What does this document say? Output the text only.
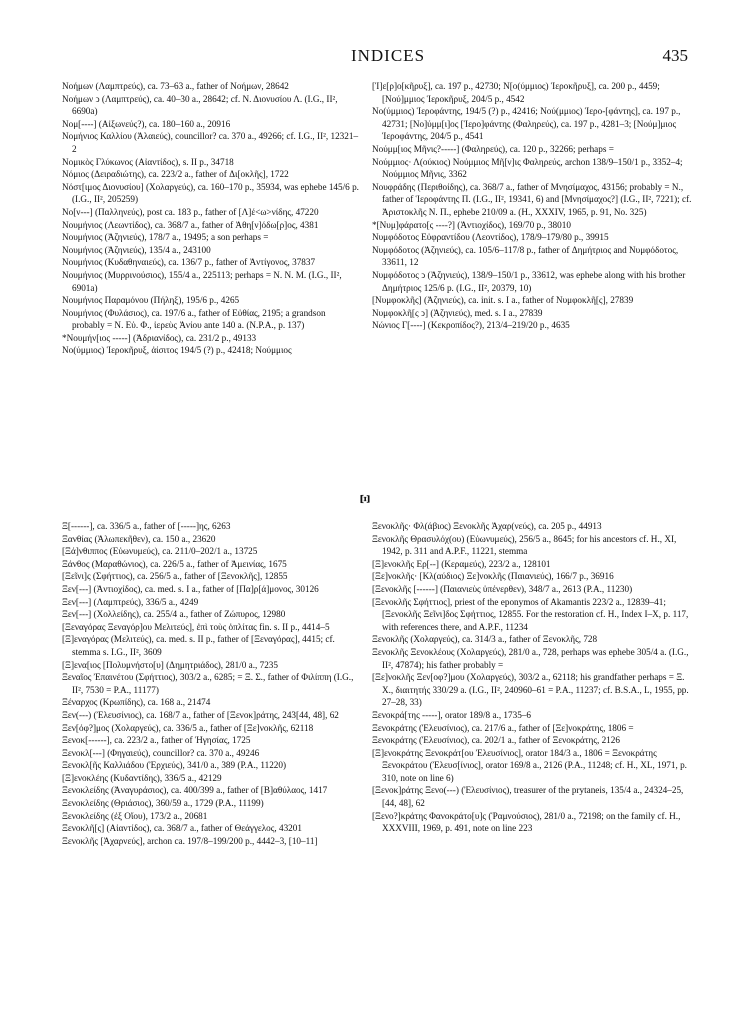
INDICES	435

Νοήμων (Λαμπτρεύς), ca. 73–63 a., father of Νοήμων, 28642

Νοήμων ↄ (Λαμπτρεύς), ca. 40–30 a., 28642; cf. Ν. Διονυσίου Λ. (I.G., II², 6690a)

Νομ[----] (Αἰξωνεύς?), ca. 180–160 a., 20916

Νομήνιος Καλλίου (Ἁλαιεύς), councillor? ca. 370 a., 49266; cf. I.G., II², 12321–2

Νομικὸς Γλύκωνος (Αἰαντίδος), s. II p., 34718

Νόμιος (Δειραδιώτης), ca. 223/2 a., father of Δι[οκλῆς], 1722

Νόστ[ιμος Διονυσίου] (Χολαργεύς), ca. 160–170 p., 35934, was ephebe 145/6 p. (I.G., II², 205259)

Νο[ν---] (Παλληνεύς), post ca. 183 p., father of [Λ]έ<ω>νίδης, 47220

Νουμήνιος (Λεωντίδος), ca. 368/7 a., father of Ἀθη[ν]όδω[ρ]ος, 4381

Νουμήνιος (Ἀζηνιεύς), 178/7 a., 19495; a son perhaps =

Νουμήνιος (Ἀζηνιεύς), 135/4 a., 243100

Νουμήνιος (Κυδαθηναιεύς), ca. 136/7 p., father of Ἀντίγονος, 37837

Νουμήνιος (Μυρρινούσιος), 155/4 a., 225113; perhaps = Ν. Ν. Μ. (I.G., II², 6901a)

Νουμήνιος Παραμόνου (Πήληξ), 195/6 p., 4265

Νουμήνιος (Φυλάσιος), ca. 197/6 a., father of Εὐθίας, 2195; a grandson probably = Ν. Εὐ. Φ., ἱερεὺς Ἀνίου ante 140 a. (N.P.A., p. 137)

*Νουμήν[ιος -----] (Ἀδριανίδος), ca. 231/2 p., 49133

Νο(ύμμιος) Ἱεροκῆρυξ, ἀίσιτος 194/5 (?) p., 42418; Νούμμιος

[Ἱ]ε[ρ]ο[κῆρυξ], ca. 197 p., 42730; Ν[ο(ύμμιος) Ἱεροκῆρυξ], ca. 200 p., 4459; [Νού]μμιος Ἱεροκῆρυξ, 204/5 p., 4542

Νο(ύμμιος) Ἱεροφάντης, 194/5 (?) p., 42416; Νού(μμιος) Ἱερο-[φάντης], ca. 197 p., 42731; [Νο]ύμμ[ι]ος [Ἱερο]φάντης (Φαληρεύς), ca. 197 p., 4281–3; [Νούμ]μιος Ἱεροφάντης, 204/5 p., 4541

Νούμμ[ιος Μῆνις?-----] (Φαληρεύς), ca. 120 p., 32266; perhaps =

Νούμμιος· Λ(ούκιος) Νούμμιος Μῆ[ν]ις Φαληρεύς, archon 138/9–150/1 p., 3352–4; Νούμμιος Μῆνις, 3362

Νουφράδης (Περιθοίδης), ca. 368/7 a., father of Μνησίμαχος, 43156; probably = Ν., father of Ἱεροφάντης Π. (I.G., II², 19341, 6) and [Μνησίμαχος?] (I.G., II², 7221); cf. Ἀριστοκλῆς Ν. Π., ephebe 210/09 a. (H., XXXIV, 1965, p. 91, No. 325)

*[Νυμ]φάρατο[ς ----?] (Ἀντιοχίδος), 169/70 p., 38010

Νυμφόδοτος Εὐφραντίδου (Λεοντίδος), 178/9–179/80 p., 39915

Νυμφόδοτος (Ἀζηνιεύς), ca. 105/6–117/8 p., father of Δημήτριος and Νυμφόδοτος, 33611, 12

Νυμφόδοτος ↄ (Ἀζηνιεύς), 138/9–150/1 p., 33612, was ephebe along with his brother Δημήτριος 125/6 p. (I.G., II², 20379, 10)

[Νυμφοκλῆς] (Ἀζηνιεύς), ca. init. s. I a., father of Νυμφοκλῆ[ς], 27839

Νυμφοκλῆ[ς ↄ] (Ἀζηνιεύς), med. s. I a., 27839

Νώνιος Γ[----] (Κεκροπίδος?), 213/4–219/20 p., 4635

Ξ

Ξ[------], ca. 336/5 a., father of [-----]ης, 6263

Ξανθίας (Ἀλωπεκῆθεν), ca. 150 a., 23620

[Ξά]νθιππος (Εὐωνυμεύς), ca. 211/0–202/1 a., 13725

Ξάνθος (Μαραθώνιος), ca. 226/5 a., father of Ἀμεινίας, 1675

[Ξεῖνι]ς (Σφήττιος), ca. 256/5 a., father of [Ξενοκλῆς], 12855

Ξεν[---] (Ἀντιοχίδος), ca. med. s. I a., father of [Πα]ρ[ά]μονος, 30126

Ξεν[---] (Λαμπτρεύς), 336/5 a., 4249

Ξεν[---] (Χολλείδης), ca. 255/4 a., father of Ζώπυρος, 12980

[Ξεναγόρας Ξεναγόρ]ου Μελιτεύς], ἐπὶ τοὺς ὁπλίτας fin. s. II p., 4414–5

[Ξ]εναγόρας (Μελιτεύς), ca. med. s. II p., father of [Ξεναγόρας], 4415; cf. stemma s. I.G., II², 3609

[Ξ]ενα[ιος [Πολυμνήστο[υ] (Δημητριάδος), 281/0 a., 7235

Ξεναῖος Ἐπαινέτου (Σφήττιος), 303/2 a., 6285; = Ξ. Σ., father of Φιλίππη (I.G., II², 7530 = P.A., 11177)

Ξέναρχος (Κρωπίδης), ca. 168 a., 21474

Ξεν(---) (Ἐλευσίνιος), ca. 168/7 a., father of [Ξενοκ]ράτης, 243[44, 48], 62

Ξεν[όφ?]μος (Χολαργεύς), ca. 336/5 a., father of [Ξε]νοκλῆς, 62118

Ξενοκ[------], ca. 223/2 a., father of Ἡγησίας, 1725

Ξενοκλ[---] (Φηγαιεύς), councillor? ca. 370 a., 49246

Ξενοκλ[ῆς Καλλιάδου (Ἐρχιεύς), 341/0 a., 389 (P.A., 11220)

[Ξ]ενοκλέης (Κυδαντίδης), 336/5 a., 42129

Ξενοκλείδης (Ἀναγυράσιος), ca. 400/399 a., father of [Β]αθύλαος, 1417

Ξενοκλείδης (Θριάσιος), 360/59 a., 1729 (P.A., 11199)

Ξενοκλείδης (ἐξ Οἴου), 173/2 a., 20681

Ξενοκλῆ[ς] (Αἰαντίδος), ca. 368/7 a., father of Θεάγγελος, 43201

Ξενοκλῆς [Ἀχαρνεύς], archon ca. 197/8–199/200 p., 4442–3, [10–11]

Ξενοκλῆς· Φλ(άβιος) Ξενοκλῆς Ἀχαρ(νεύς), ca. 205 p., 44913

Ξενοκλῆς Θρασυλόχ(ου) (Εὐωνυμεύς), 256/5 a., 8645; for his ancestors cf. H., XI, 1942, p. 311 and A.P.F., 11221, stemma

[Ξ]ενοκλῆς Ερ[--] (Κεραμεύς), 223/2 a., 128101

[Ξε]νοκλῆς· [Κλ(αύδιος) Ξε]νοκλῆς (Παιανιεύς), 166/7 p., 36916

[Ξενοκλῆς [------] (Παιανιεὺς ὑπένερθεν), 348/7 a., 2613 (P.A., 11230)

[Ξενοκλῆς Σφήττιος], priest of the eponymos of Akamantis 223/2 a., 12839–41; [Ξενοκλῆς Ξεῖνι]δος Σφήττιος, 12855. For the restoration cf. H., Index I–X, p. 117, with references there, and A.P.F., 11234

Ξενοκλῆς (Χολαργεύς), ca. 314/3 a., father of Ξενοκλῆς, 728

Ξενοκλῆς Ξενοκλέους (Χολαργεύς), 281/0 a., 728, perhaps was ephebe 305/4 a. (I.G., II², 47874); his father probably =

[Ξε]νοκλῆς Ξεν[οφ?]μου (Χολαργεύς), 303/2 a., 62118; his grandfather perhaps = Ξ. Χ., διαιτητής 330/29 a. (I.G., II², 240960–61 = P.A., 11237; cf. B.S.A., L, 1955, pp. 27–28, 33)

Ξενοκρά[της -----], orator 189/8 a., 1735–6

Ξενοκράτης (Ἐλευσίνιος), ca. 217/6 a., father of [Ξε]νοκράτης, 1806 =

Ξενοκράτης (Ἐλευσίνιος), ca. 202/1 a., father of Ξενοκράτης, 2126

[Ξ]ενοκράτης Ξενοκράτ[ου Ἐλευσίνιος], orator 184/3 a., 1806 = Ξενοκράτης Ξενοκράτου (Ἐλευσ[ίνιος], orator 169/8 a., 2126 (P.A., 11248; cf. H., XL, 1971, p. 310, note on line 6)

[Ξενοκ]ράτης Ξενο(---) (Ἐλευσίνιος), treasurer of the prytaneis, 135/4 a., 24324–25, [44, 48], 62

[Ξενο?]κράτης Φανοκράτο[υ]ς (Ῥαμνούσιος), 281/0 a., 72198; on the family cf. H., XXXVIII, 1969, p. 491, note on line 223
